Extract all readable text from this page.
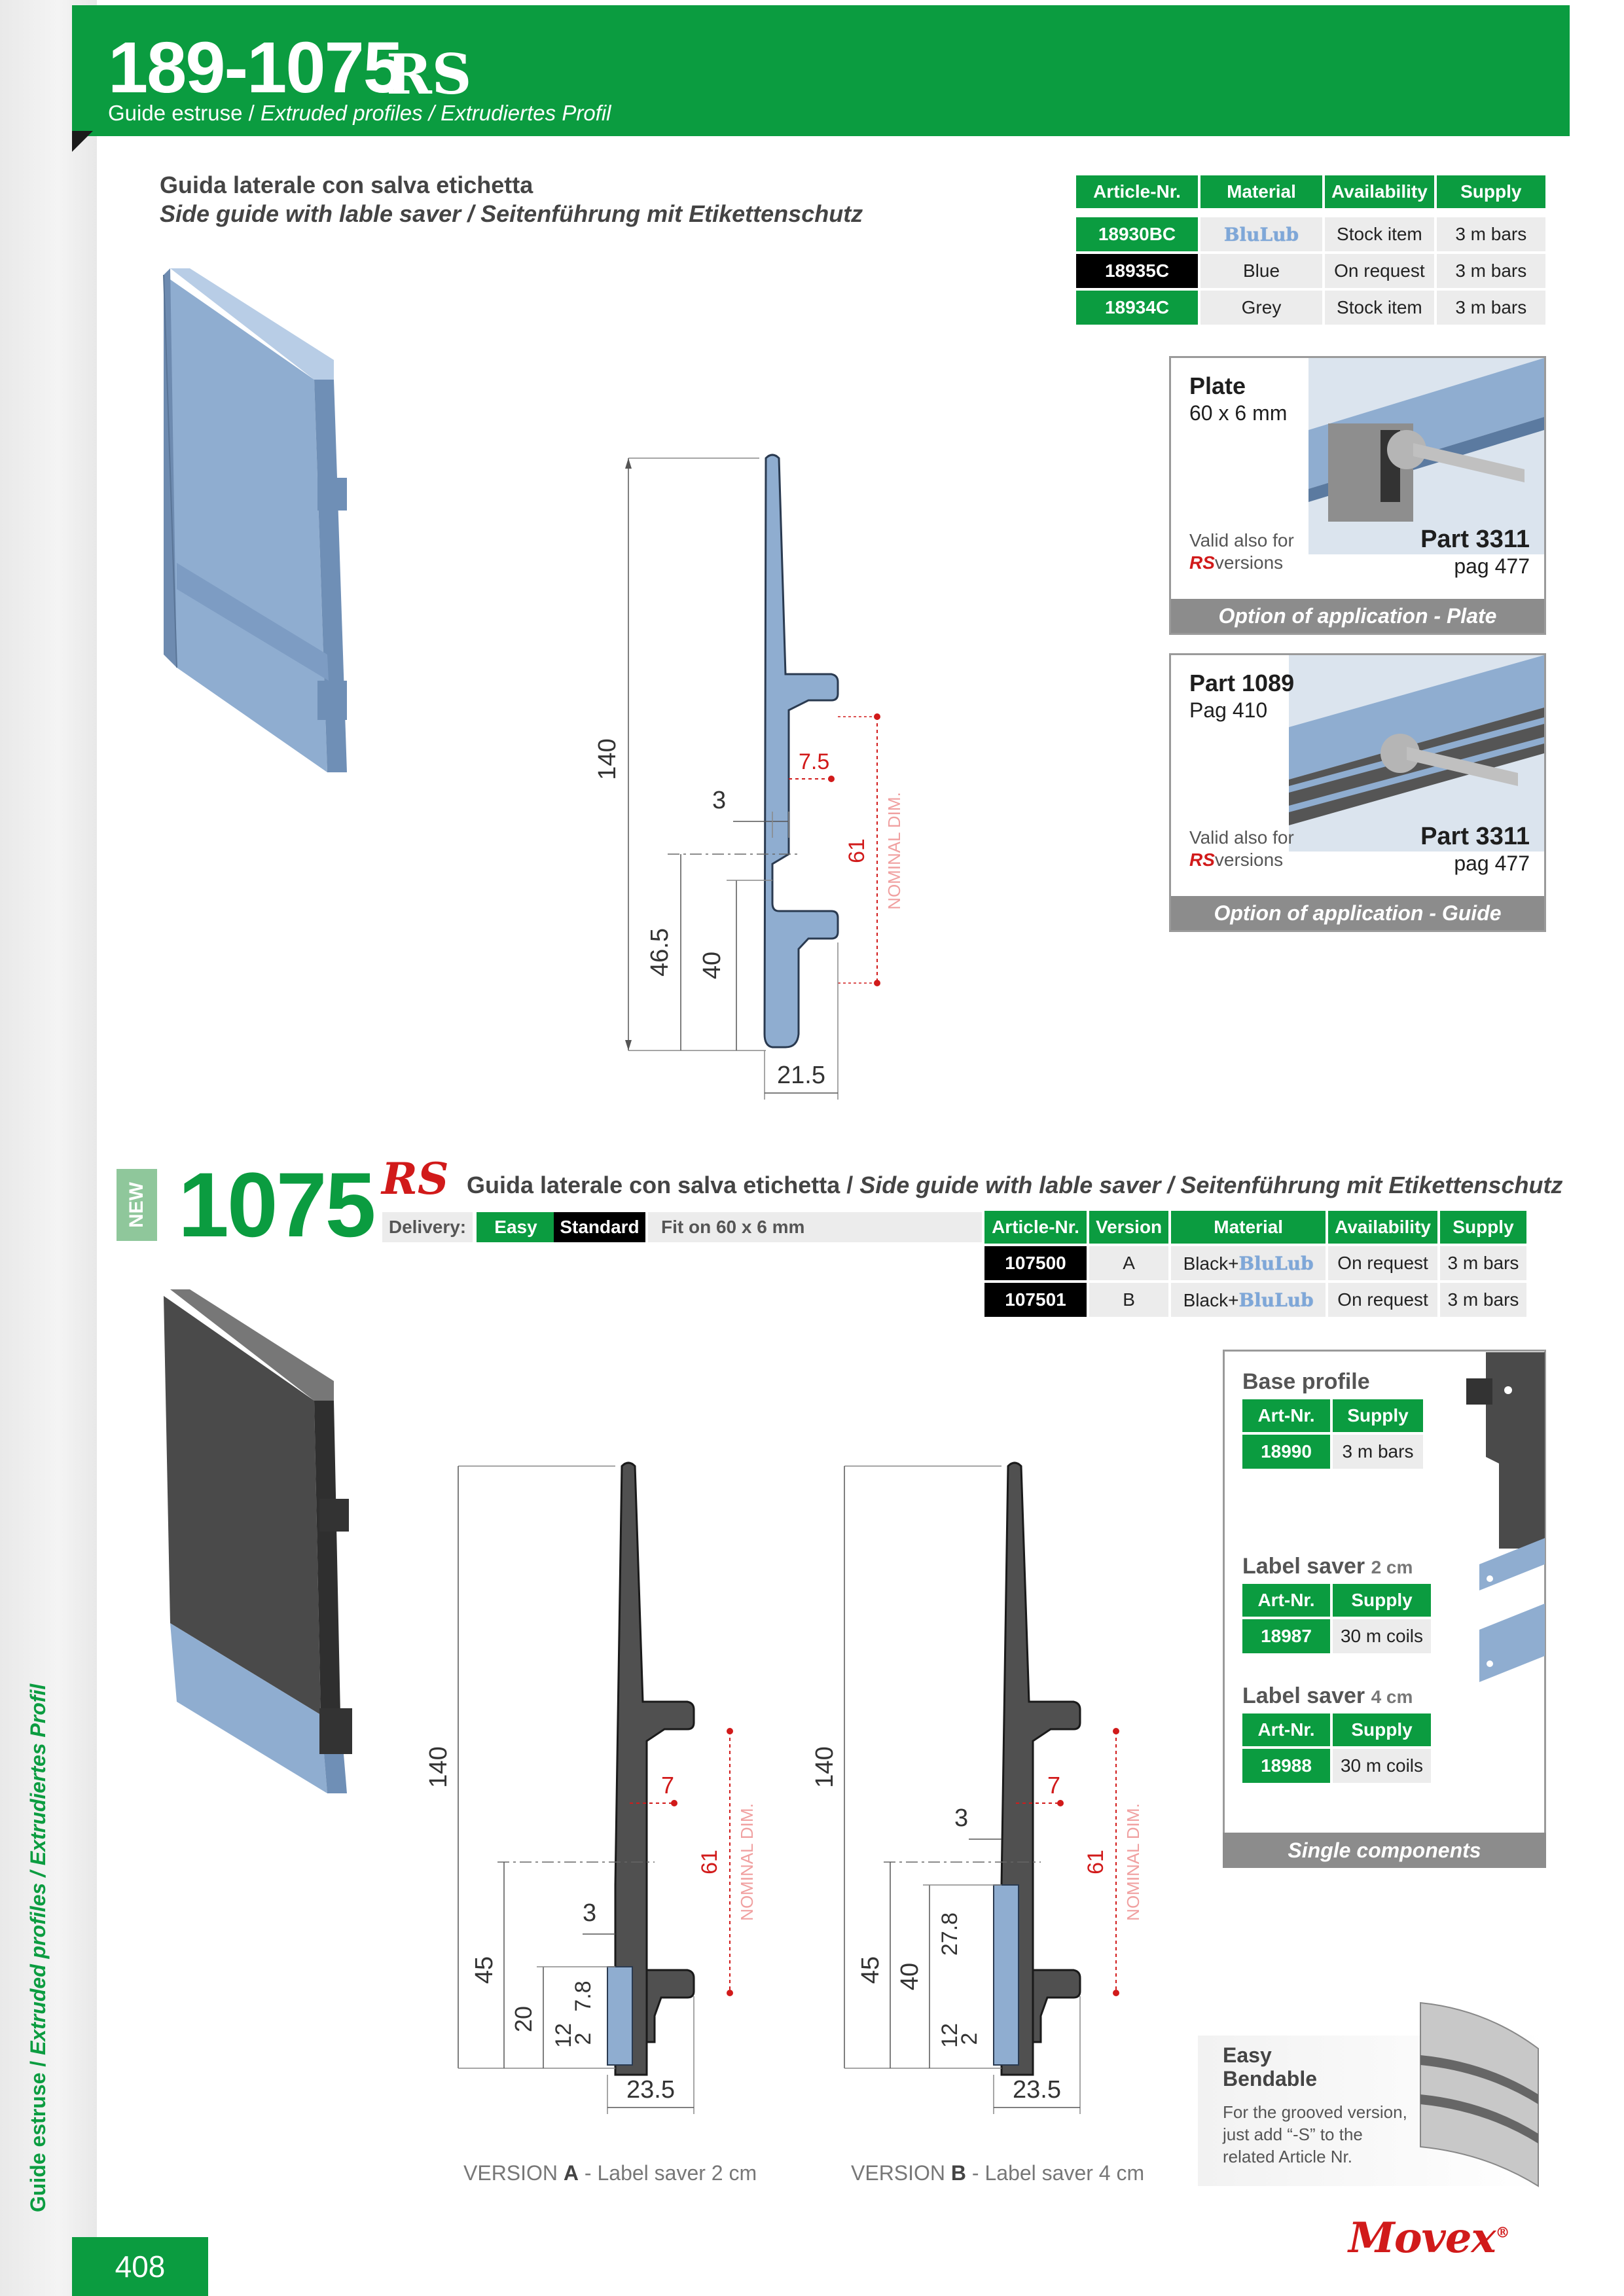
Guide estruse / Extruded profiles / Extrudiertes Profil
189-1075
RS
Guide estruse / Extruded profiles / Extrudiertes Profil
Guida laterale con salva etichetta
Side guide with lable saver / Seitenführung mit Etikettenschutz
Article-Nr.	Material	Availability	Supply

18930BC	BluLub	Stock item	3 m bars
18935C	Blue	On request	3 m bars
18934C	Grey	Stock item	3 m bars
140
46.5 40
3
7.5
61 NOMINAL DIM.
21.5
Plate
60 x 6 mm
Valid also for
RSversions
Part 3311
pag 477
Option of application - Plate
Part 1089
Pag 410
Valid also for
RSversions
Part 3311
pag 477
Option of application - Guide
NEW 1075 RS Guida laterale con salva etichetta / Side guide with lable saver / Seitenführung mit Etikettenschutz
Delivery:	Easy	Standard	Fit on 60 x 6 mm	Article-Nr.	Version	Material	Availability	Supply
107500	A	Black+BluLub	On request	3 m bars
107501	B	Black+BluLub	On request	3 m bars
140
45
20
12
2
7.8
3
7
61 NOMINAL DIM.
23.5
VERSION A - Label saver 2 cm
140
45 40
27.8
12
2
3
7
61 NOMINAL DIM.
23.5
VERSION B - Label saver 4 cm
Base profile
Art-Nr.	Supply
18990	3 m bars
Label saver 2 cm
Art-Nr.	Supply
18987	30 m coils
Label saver 4 cm
Art-Nr.	Supply
18988	30 m coils
Single components
Easy
Bendable
For the grooved version, just add “-S” to the related Article Nr.
408
Movex®
